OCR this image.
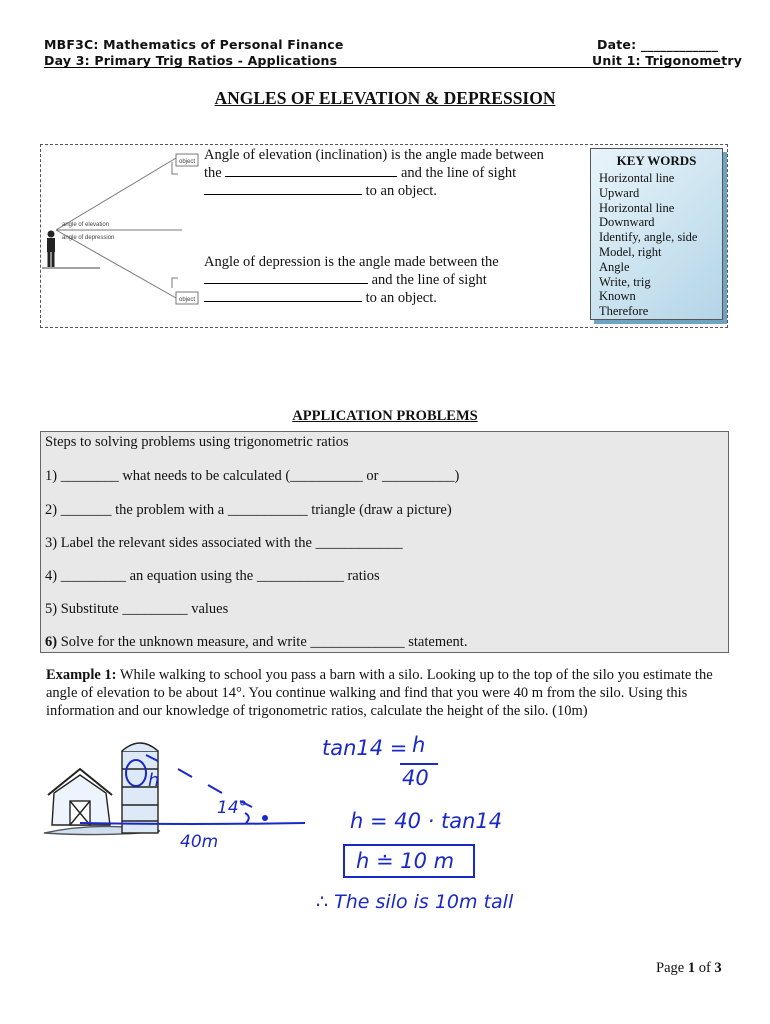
MBF3C: Mathematics of Personal Finance
Day 3: Primary Trig Ratios - Applications
Date: ____________
Unit 1: Trigonometry
ANGLES OF ELEVATION & DEPRESSION
object
object
angle of elevation
angle of depression
Angle of elevation (inclination) is the angle made between
the	and the line of sight
to an object.
Angle of depression is the angle made between the
and the line of sight
to an object.
KEY WORDS
Horizontal line
Upward
Horizontal line
Downward
Identify, angle, side
Model, right
Angle
Write, trig
Known
Therefore
APPLICATION PROBLEMS
Steps to solving problems using trigonometric ratios
1) ________ what needs to be calculated (__________ or __________)
2) _______ the problem with a ___________ triangle (draw a picture)
3) Label the relevant sides associated with the ____________
4) _________ an equation using the ____________ ratios
5) Substitute _________ values
6) Solve for the unknown measure, and write _____________ statement.
Example 1: While walking to school you pass a barn with a silo. Looking up to the top of the silo you estimate the angle of elevation to be about 14°. You continue walking and find that you were 40 m from the silo. Using this information and our knowledge of trigonometric ratios, calculate the height of the silo. (10m)
h
14°
40m
tan14 = h
40
h = 40 · tan14
h ≐ 10 m
∴ The silo is 10m tall
Page 1 of 3
